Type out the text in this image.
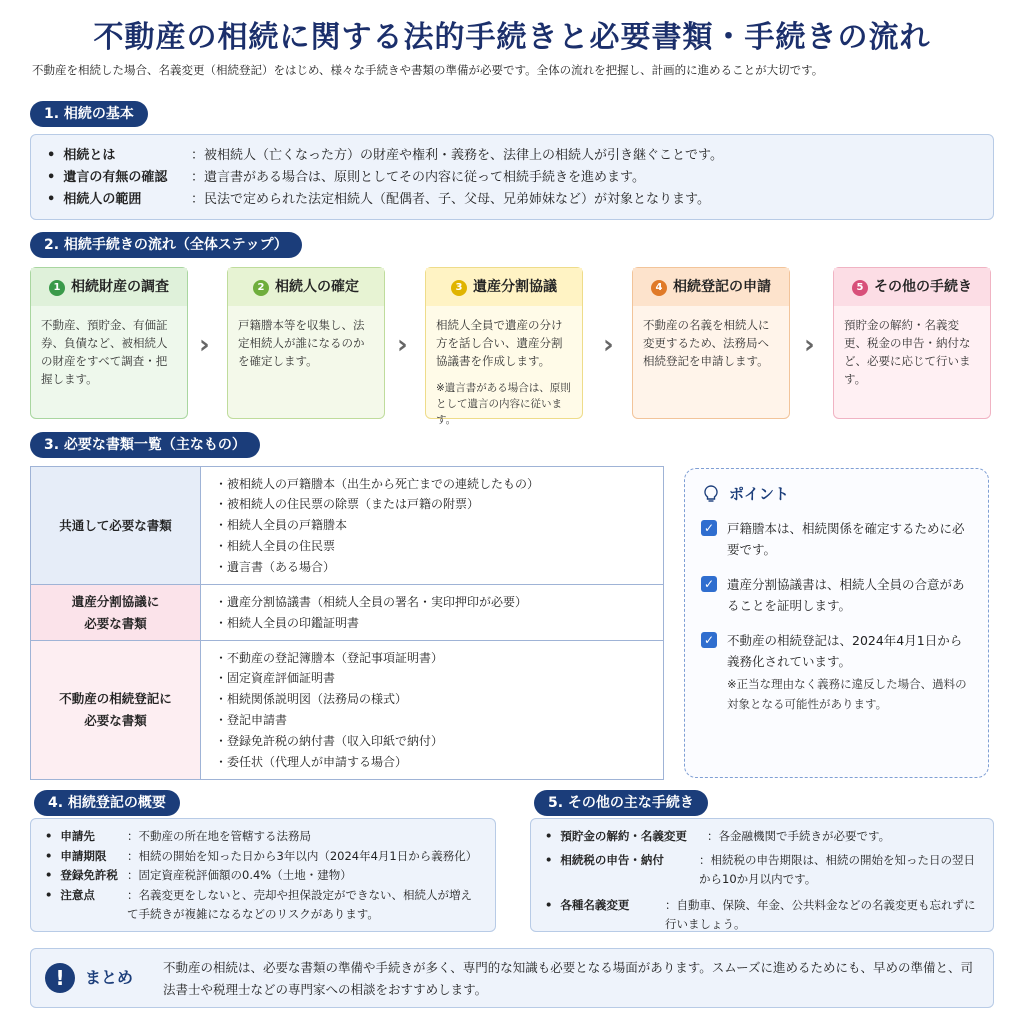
不動産の相続に関する法的手続きと必要書類・手続きの流れ
不動産を相続した場合、名義変更（相続登記）をはじめ、様々な手続きや書類の準備が必要です。全体の流れを把握し、計画的に進めることが大切です。
1. 相続の基本
• 相続とは	：被相続人（亡くなった方）の財産や権利・義務を、法律上の相続人が引き継ぐことです。
• 遺言の有無の確認	：遺言書がある場合は、原則としてその内容に従って相続手続きを進めます。
• 相続人の範囲	：民法で定められた法定相続人（配偶者、子、父母、兄弟姉妹など）が対象となります。
2. 相続手続きの流れ（全体ステップ）
1 相続財産の調査
不動産、預貯金、有価証券、負債など、被相続人の財産をすべて調査・把握します。
›
2 相続人の確定
戸籍謄本等を収集し、法定相続人が誰になるのかを確定します。
›
3 遺産分割協議
相続人全員で遺産の分け方を話し合い、遺産分割協議書を作成します。
※遺言書がある場合は、原則として遺言の内容に従います。
›
4 相続登記の申請
不動産の名義を相続人に変更するため、法務局へ相続登記を申請します。
›
5 その他の手続き
預貯金の解約・名義変更、税金の申告・納付など、必要に応じて行います。
3. 必要な書類一覧（主なもの）
共通して必要な書類
・ 被相続人の戸籍謄本（出生から死亡までの連続したもの）
・ 被相続人の住民票の除票（または戸籍の附票）
・ 相続人全員の戸籍謄本
・ 相続人全員の住民票
・ 遺言書（ある場合）
遺産分割協議に
必要な書類
・ 遺産分割協議書（相続人全員の署名・実印押印が必要）
・ 相続人全員の印鑑証明書
不動産の相続登記に
必要な書類
・ 不動産の登記簿謄本（登記事項証明書）
・ 固定資産評価証明書
・ 相続関係説明図（法務局の様式）
・ 登記申請書
・ 登録免許税の納付書（収入印紙で納付）
・ 委任状（代理人が申請する場合）
ポイント
✓ 戸籍謄本は、相続関係を確定するために必要です。
✓ 遺産分割協議書は、相続人全員の合意があることを証明します。
✓ 不動産の相続登記は、2024年4月1日から義務化されています。
※正当な理由なく義務に違反した場合、過料の対象となる可能性があります。
4. 相続登記の概要
• 申請先	：不動産の所在地を管轄する法務局
• 申請期限	：相続の開始を知った日から3年以内（2024年4月1日から義務化）
• 登録免許税 ：固定資産税評価額の0.4%（土地・建物）
• 注意点	：名義変更をしないと、売却や担保設定ができない、相続人が増えて手続きが複雑になるなどのリスクがあります。
5. その他の主な手続き
• 預貯金の解約・名義変更	：各金融機関で手続きが必要です。
• 相続税の申告・納付	：相続税の申告期限は、相続の開始を知った日の翌日から10か月以内です。
• 各種名義変更	：自動車、保険、年金、公共料金などの名義変更も忘れずに行いましょう。
!	まとめ
不動産の相続は、必要な書類の準備や手続きが多く、専門的な知識も必要となる場面があります。スムーズに進めるためにも、早めの準備と、司法書士や税理士などの専門家への相談をおすすめします。
